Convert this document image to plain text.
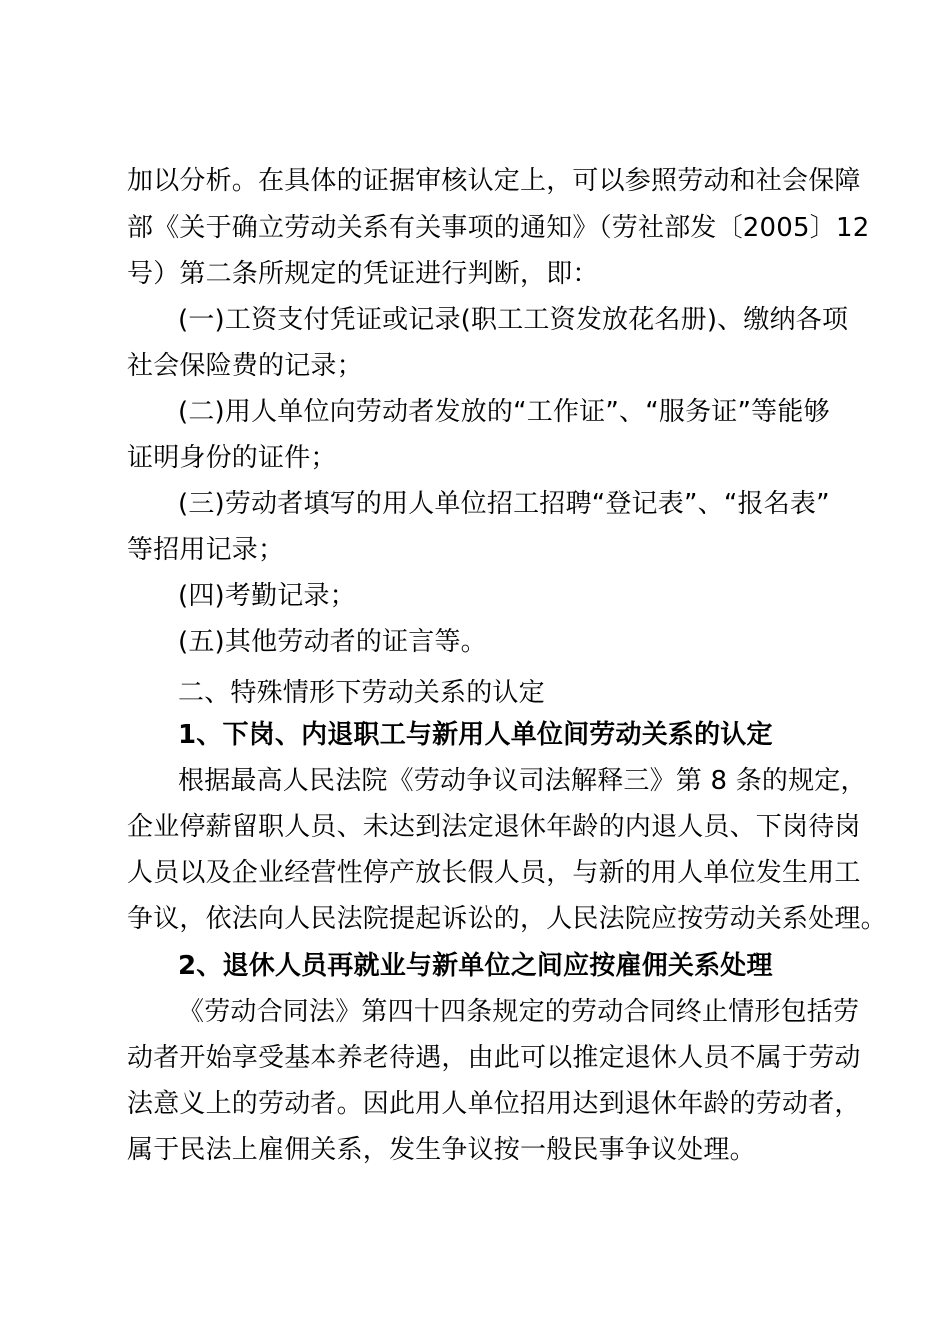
加以分析。在具体的证据审核认定上，可以参照劳动和社会保障
部《关于确立劳动关系有关事项的通知》（劳社部发〔2005〕12
号）第二条所规定的凭证进行判断，即：
(一)工资支付凭证或记录(职工工资发放花名册)、缴纳各项
社会保险费的记录；
(二)用人单位向劳动者发放的“工作证”、“服务证”等能够
证明身份的证件；
(三)劳动者填写的用人单位招工招聘“登记表”、“报名表”
等招用记录；
(四)考勤记录；
(五)其他劳动者的证言等。
二、特殊情形下劳动关系的认定
1、下岗、内退职工与新用人单位间劳动关系的认定
根据最高人民法院《劳动争议司法解释三》第 8 条的规定，
企业停薪留职人员、未达到法定退休年龄的内退人员、下岗待岗
人员以及企业经营性停产放长假人员，与新的用人单位发生用工
争议，依法向人民法院提起诉讼的，人民法院应按劳动关系处理。
2、退休人员再就业与新单位之间应按雇佣关系处理
《劳动合同法》第四十四条规定的劳动合同终止情形包括劳
动者开始享受基本养老待遇，由此可以推定退休人员不属于劳动
法意义上的劳动者。因此用人单位招用达到退休年龄的劳动者，
属于民法上雇佣关系，发生争议按一般民事争议处理。
